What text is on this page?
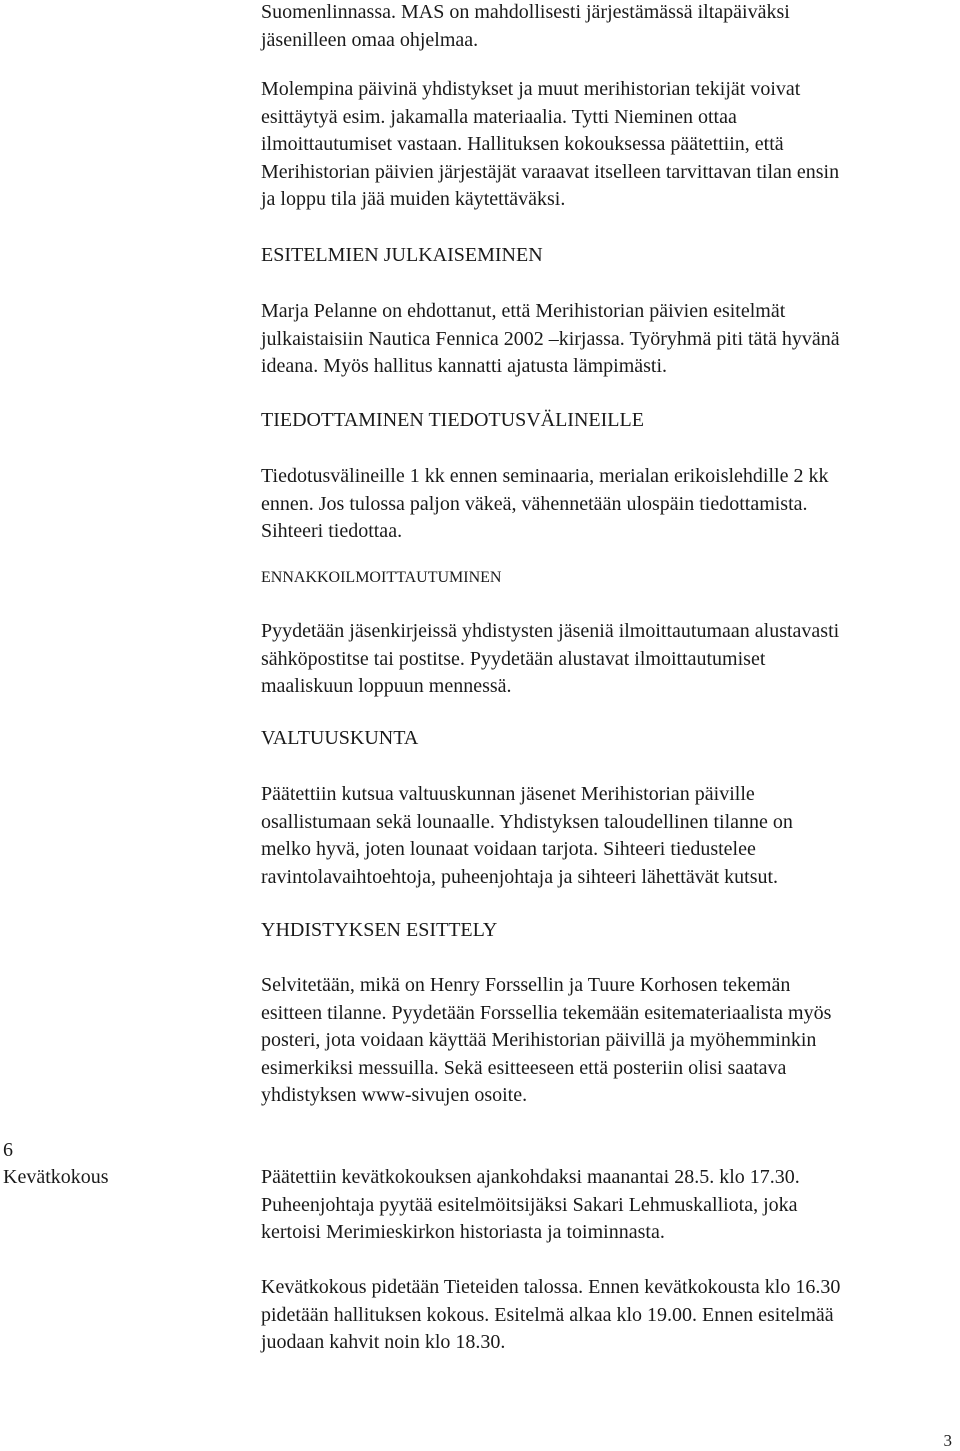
Suomenlinnassa. MAS on mahdollisesti järjestämässä iltapäiväksi
jäsenilleen omaa ohjelmaa.

Molempina päivinä yhdistykset ja muut merihistorian tekijät voivat
esittäytyä esim. jakamalla materiaalia. Tytti Nieminen ottaa
ilmoittautumiset vastaan. Hallituksen kokouksessa päätettiin, että
Merihistorian päivien järjestäjät varaavat itselleen tarvittavan tilan ensin
ja loppu tila jää muiden käytettäväksi.

ESITELMIEN JULKAISEMINEN

Marja Pelanne on ehdottanut, että Merihistorian päivien esitelmät
julkaistaisiin Nautica Fennica 2002 –kirjassa. Työryhmä piti tätä hyvänä
ideana. Myös hallitus kannatti ajatusta lämpimästi.

TIEDOTTAMINEN TIEDOTUSVÄLINEILLE

Tiedotusvälineille 1 kk ennen seminaaria, merialan erikoislehdille 2 kk
ennen. Jos tulossa paljon väkeä, vähennetään ulospäin tiedottamista.
Sihteeri tiedottaa.

ENNAKKOILMOITTAUTUMINEN

Pyydetään jäsenkirjeissä yhdistysten jäseniä ilmoittautumaan alustavasti
sähköpostitse tai postitse. Pyydetään alustavat ilmoittautumiset
maaliskuun loppuun mennessä.

VALTUUSKUNTA

Päätettiin kutsua valtuuskunnan jäsenet Merihistorian päiville
osallistumaan sekä lounaalle. Yhdistyksen taloudellinen tilanne on
melko hyvä, joten lounaat voidaan tarjota. Sihteeri tiedustelee
ravintolavaihtoehtoja, puheenjohtaja ja sihteeri lähettävät kutsut.

YHDISTYKSEN ESITTELY

Selvitetään, mikä on Henry Forssellin ja Tuure Korhosen tekemän
esitteen tilanne. Pyydetään Forssellia tekemään esitemateriaalista myös
posteri, jota voidaan käyttää Merihistorian päivillä ja myöhemminkin
esimerkiksi messuilla. Sekä esitteeseen että posteriin olisi saatava
yhdistyksen www-sivujen osoite.

6

Kevätkokous	Päätettiin kevätkokouksen ajankohdaksi maanantai 28.5. klo 17.30.
Puheenjohtaja pyytää esitelmöitsijäksi Sakari Lehmuskalliota, joka
kertoisi Merimieskirkon historiasta ja toiminnasta.

Kevätkokous pidetään Tieteiden talossa. Ennen kevätkokousta klo 16.30
pidetään hallituksen kokous. Esitelmä alkaa klo 19.00. Ennen esitelmää
juodaan kahvit noin klo 18.30.

3
